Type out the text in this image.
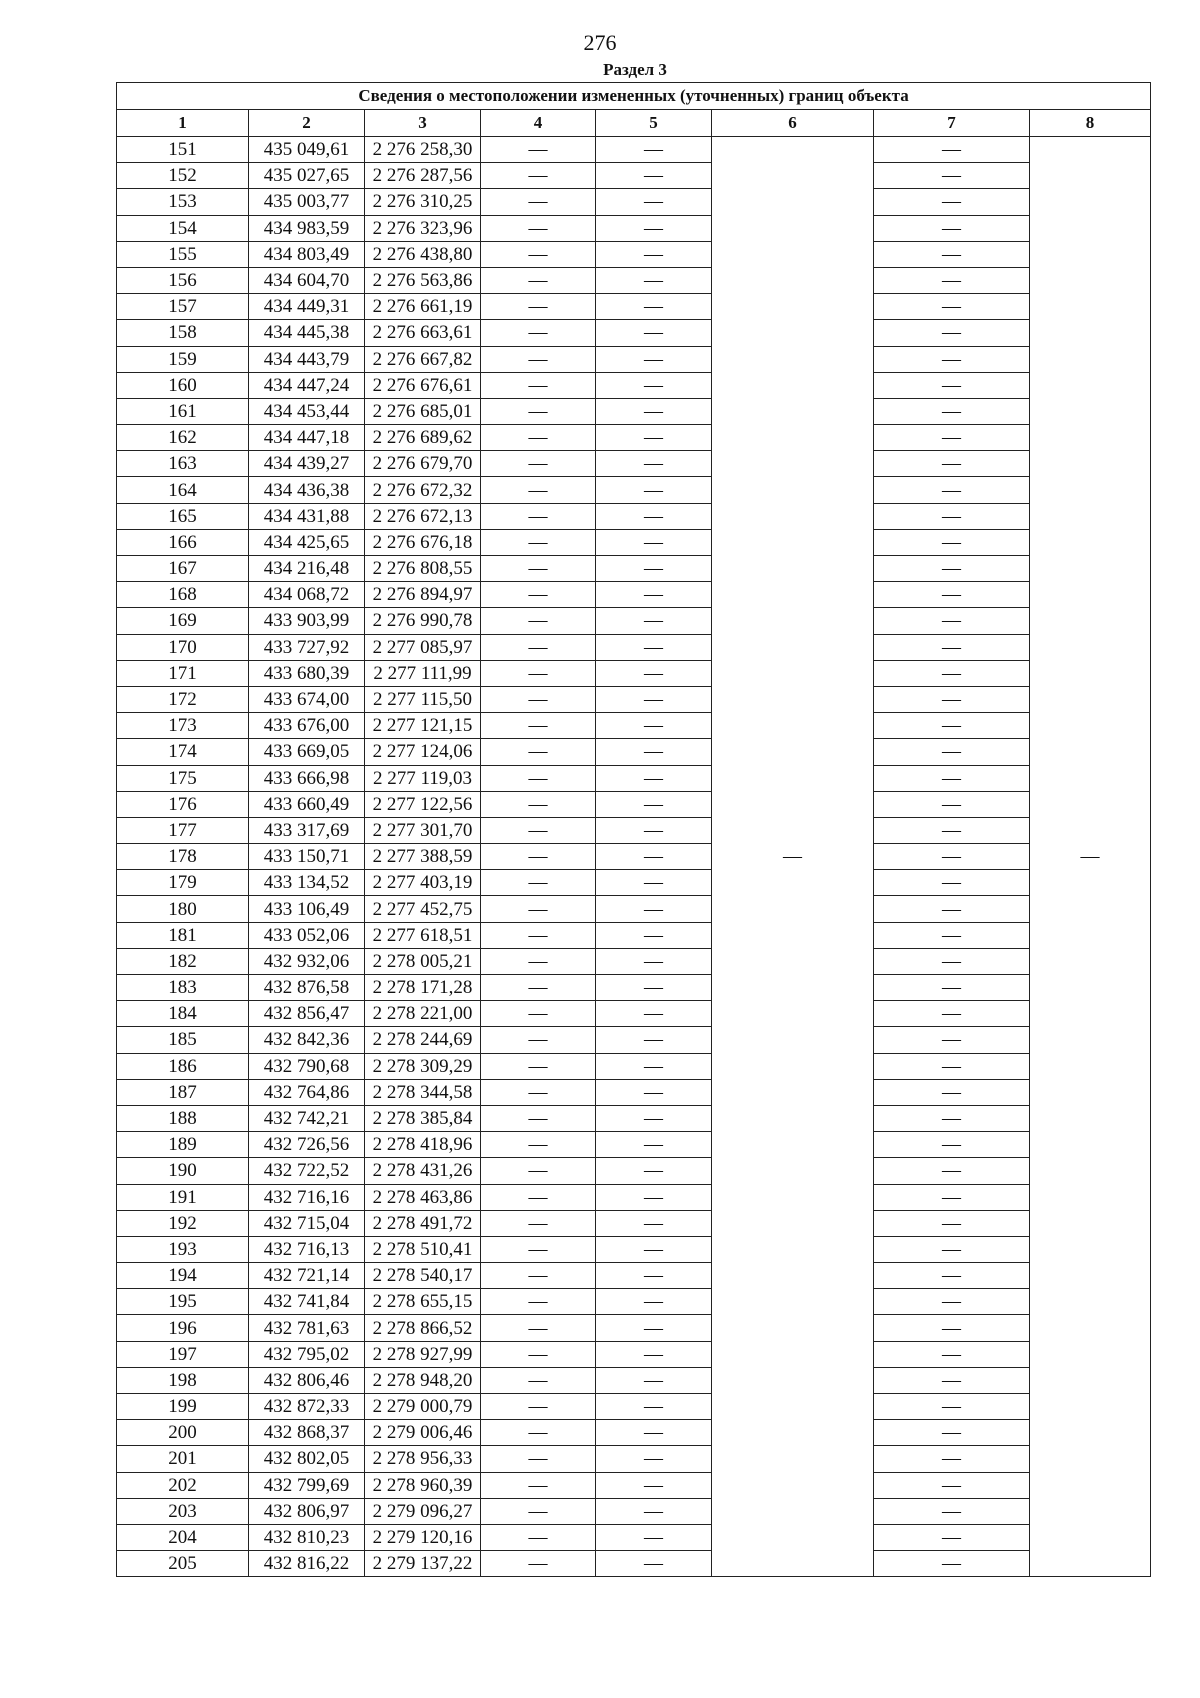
276
Раздел 3
Сведения о местоположении измененных (уточненных) границ объекта							
1	2	3	4	5	6	7	8
151	435 049,61	2 276 258,30	—	—	—	—	—
152	435 027,65	2 276 287,56	—	—		—	
153	435 003,77	2 276 310,25	—	—		—	
154	434 983,59	2 276 323,96	—	—		—	
155	434 803,49	2 276 438,80	—	—		—	
156	434 604,70	2 276 563,86	—	—		—	
157	434 449,31	2 276 661,19	—	—		—	
158	434 445,38	2 276 663,61	—	—		—	
159	434 443,79	2 276 667,82	—	—		—	
160	434 447,24	2 276 676,61	—	—		—	
161	434 453,44	2 276 685,01	—	—		—	
162	434 447,18	2 276 689,62	—	—		—	
163	434 439,27	2 276 679,70	—	—		—	
164	434 436,38	2 276 672,32	—	—		—	
165	434 431,88	2 276 672,13	—	—		—	
166	434 425,65	2 276 676,18	—	—		—	
167	434 216,48	2 276 808,55	—	—		—	
168	434 068,72	2 276 894,97	—	—		—	
169	433 903,99	2 276 990,78	—	—		—	
170	433 727,92	2 277 085,97	—	—		—	
171	433 680,39	2 277 111,99	—	—		—	
172	433 674,00	2 277 115,50	—	—		—	
173	433 676,00	2 277 121,15	—	—		—	
174	433 669,05	2 277 124,06	—	—		—	
175	433 666,98	2 277 119,03	—	—		—	
176	433 660,49	2 277 122,56	—	—		—	
177	433 317,69	2 277 301,70	—	—		—	
178	433 150,71	2 277 388,59	—	—		—	
179	433 134,52	2 277 403,19	—	—		—	
180	433 106,49	2 277 452,75	—	—		—	
181	433 052,06	2 277 618,51	—	—		—	
182	432 932,06	2 278 005,21	—	—		—	
183	432 876,58	2 278 171,28	—	—		—	
184	432 856,47	2 278 221,00	—	—		—	
185	432 842,36	2 278 244,69	—	—		—	
186	432 790,68	2 278 309,29	—	—		—	
187	432 764,86	2 278 344,58	—	—		—	
188	432 742,21	2 278 385,84	—	—		—	
189	432 726,56	2 278 418,96	—	—		—	
190	432 722,52	2 278 431,26	—	—		—	
191	432 716,16	2 278 463,86	—	—		—	
192	432 715,04	2 278 491,72	—	—		—	
193	432 716,13	2 278 510,41	—	—		—	
194	432 721,14	2 278 540,17	—	—		—	
195	432 741,84	2 278 655,15	—	—		—	
196	432 781,63	2 278 866,52	—	—		—	
197	432 795,02	2 278 927,99	—	—		—	
198	432 806,46	2 278 948,20	—	—		—	
199	432 872,33	2 279 000,79	—	—		—	
200	432 868,37	2 279 006,46	—	—		—	
201	432 802,05	2 278 956,33	—	—		—	
202	432 799,69	2 278 960,39	—	—		—	
203	432 806,97	2 279 096,27	—	—		—	
204	432 810,23	2 279 120,16	—	—		—	
205	432 816,22	2 279 137,22	—	—		—	
